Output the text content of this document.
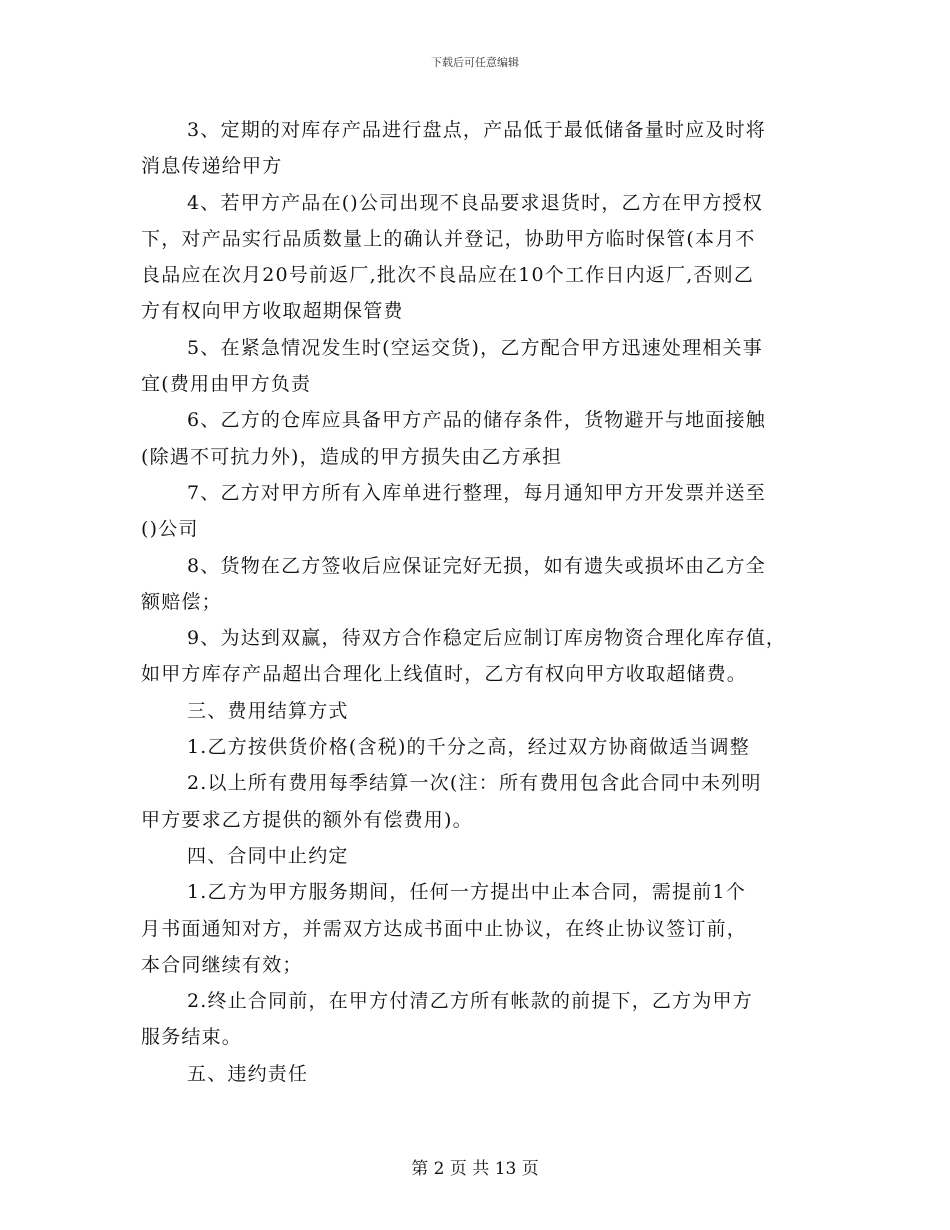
下载后可任意编辑
3、定期的对库存产品进行盘点，产品低于最低储备量时应及时将
消息传递给甲方
4、若甲方产品在()公司出现不良品要求退货时，乙方在甲方授权
下，对产品实行品质数量上的确认并登记，协助甲方临时保管(本月不
良品应在次月20号前返厂,批次不良品应在10个工作日内返厂,否则乙
方有权向甲方收取超期保管费
5、在紧急情况发生时(空运交货)，乙方配合甲方迅速处理相关事
宜(费用由甲方负责
6、乙方的仓库应具备甲方产品的储存条件，货物避开与地面接触
(除遇不可抗力外)，造成的甲方损失由乙方承担
7、乙方对甲方所有入库单进行整理，每月通知甲方开发票并送至
()公司
8、货物在乙方签收后应保证完好无损，如有遗失或损坏由乙方全
额赔偿；
9、为达到双赢，待双方合作稳定后应制订库房物资合理化库存值，
如甲方库存产品超出合理化上线值时，乙方有权向甲方收取超储费。
三、费用结算方式
1.乙方按供货价格(含税)的千分之高，经过双方协商做适当调整
2.以上所有费用每季结算一次(注：所有费用包含此合同中未列明
甲方要求乙方提供的额外有偿费用)。
四、合同中止约定
1.乙方为甲方服务期间，任何一方提出中止本合同，需提前1个
月书面通知对方，并需双方达成书面中止协议，在终止协议签订前，
本合同继续有效；
2.终止合同前，在甲方付清乙方所有帐款的前提下，乙方为甲方
服务结束。
五、违约责任
第 2 页 共 13 页
